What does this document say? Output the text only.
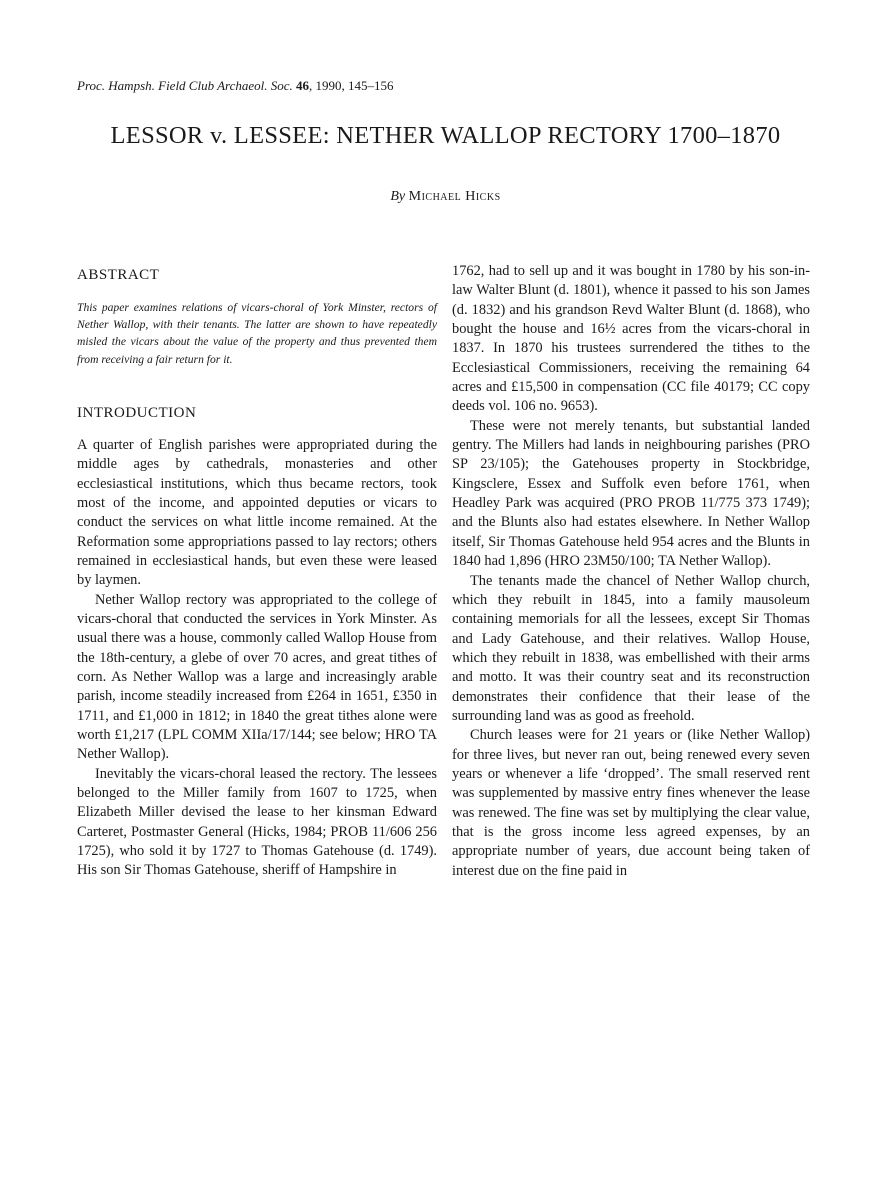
Proc. Hampsh. Field Club Archaeol. Soc. 46, 1990, 145–156
LESSOR v. LESSEE: NETHER WALLOP RECTORY 1700–1870
By Michael Hicks
ABSTRACT

This paper examines relations of vicars-choral of York Minster, rectors of Nether Wallop, with their tenants. The latter are shown to have repeatedly misled the vicars about the value of the property and thus prevented them from receiving a fair return for it.

INTRODUCTION

A quarter of English parishes were appropriated during the middle ages by cathedrals, monasteries and other ecclesiastical institutions, which thus became rectors, took most of the income, and appointed deputies or vicars to conduct the services on what little income remained. At the Reformation some appropriations passed to lay rectors; others remained in ecclesiastical hands, but even these were leased by laymen.

Nether Wallop rectory was appropriated to the college of vicars-choral that conducted the services in York Minster. As usual there was a house, commonly called Wallop House from the 18th-century, a glebe of over 70 acres, and great tithes of corn. As Nether Wallop was a large and increasingly arable parish, income steadily increased from £264 in 1651, £350 in 1711, and £1,000 in 1812; in 1840 the great tithes alone were worth £1,217 (LPL COMM XIIa/17/144; see below; HRO TA Nether Wallop).

Inevitably the vicars-choral leased the rectory. The lessees belonged to the Miller family from 1607 to 1725, when Elizabeth Miller devised the lease to her kinsman Edward Carteret, Postmaster General (Hicks, 1984; PROB 11/606 256 1725), who sold it by 1727 to Thomas Gatehouse (d. 1749). His son Sir Thomas Gatehouse, sheriff of Hampshire in

1762, had to sell up and it was bought in 1780 by his son-in-law Walter Blunt (d. 1801), whence it passed to his son James (d. 1832) and his grandson Revd Walter Blunt (d. 1868), who bought the house and 16½ acres from the vicars-choral in 1837. In 1870 his trustees surrendered the tithes to the Ecclesiastical Commissioners, receiving the remaining 64 acres and £15,500 in compensation (CC file 40179; CC copy deeds vol. 106 no. 9653).

These were not merely tenants, but substantial landed gentry. The Millers had lands in neighbouring parishes (PRO SP 23/105); the Gatehouses property in Stockbridge, Kingsclere, Essex and Suffolk even before 1761, when Headley Park was acquired (PRO PROB 11/775 373 1749); and the Blunts also had estates elsewhere. In Nether Wallop itself, Sir Thomas Gatehouse held 954 acres and the Blunts in 1840 had 1,896 (HRO 23M50/100; TA Nether Wallop).

The tenants made the chancel of Nether Wallop church, which they rebuilt in 1845, into a family mausoleum containing memorials for all the lessees, except Sir Thomas and Lady Gatehouse, and their relatives. Wallop House, which they rebuilt in 1838, was embellished with their arms and motto. It was their country seat and its reconstruction demonstrates their confidence that their lease of the surrounding land was as good as freehold.

Church leases were for 21 years or (like Nether Wallop) for three lives, but never ran out, being renewed every seven years or whenever a life ‘dropped’. The small reserved rent was supplemented by massive entry fines whenever the lease was renewed. The fine was set by multiplying the clear value, that is the gross income less agreed expenses, by an appropriate number of years, due account being taken of interest due on the fine paid in
